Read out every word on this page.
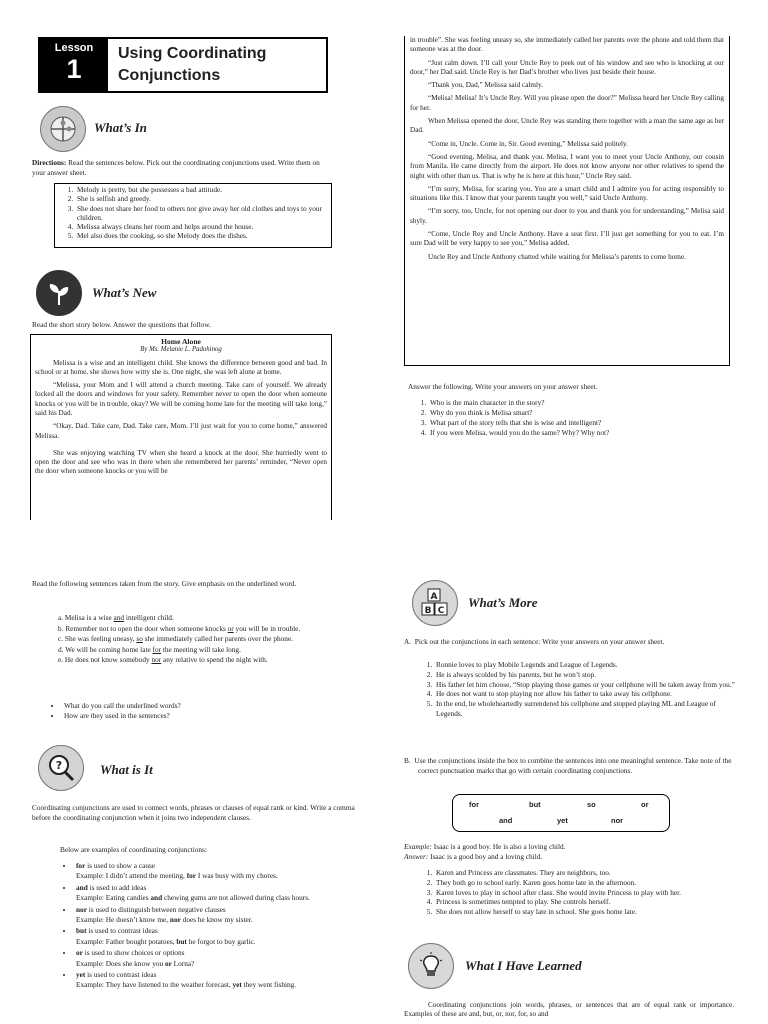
Lesson
1
Using Coordinating
Conjunctions
What’s In

Directions: Read the sentences below. Pick out the coordinating conjunctions used. Write them on your answer sheet.

1. Melody is pretty, but she possesses a bad attitude.
2. She is selfish and greedy.
3. She does not share her food to others nor give away her old clothes and toys to your children.
4. Melissa always cleans her room and helps around the house.
5. Mel also does the cooking, so she Melody does the dishes.
What’s New

Read the short story below. Answer the questions that follow.

Home Alone
By Ms. Melanie L. Padohinog

Melissa is a wise and an intelligent child. She knows the difference between good and bad. In school or at home, she shows how witty she is. One night, she was left alone at home.

“Melissa, your Mom and I will attend a church meeting. Take care of yourself. We already locked all the doors and windows for your safety. Remember never to open the door when someone knocks or you will be in trouble, okay? We will be coming home late for the meeting will take long,” said his Dad.

“Okay, Dad. Take care, Dad. Take care, Mom. I’ll just wait for you to come home,” answered Melissa.

She was enjoying watching TV when she heard a knock at the door. She hurriedly went to open the door and see who was in there when she remembered her parents’ reminder, “Never open the door when someone knocks or you will be

in trouble”. She was feeling uneasy so, she immediately called her parents over the phone and told them that someone was at the door.

“Just calm down. I’ll call your Uncle Rey to peek out of his window and see who is knocking at our door,” her Dad said. Uncle Rey is her Dad’s brother who lives just beside their house.

“Thank you, Dad,” Melissa said calmly.

“Melisa! Melisa! It’s Uncle Rey. Will you please open the door?” Melissa heard her Uncle Rey calling for her.

When Melissa opened the door, Uncle Rey was standing there together with a man the same age as her Dad.

“Come in, Uncle. Come in, Sir. Good evening,” Melissa said politely.

“Good evening, Melisa, and thank you. Melisa, I want you to meet your Uncle Anthony, our cousin from Manila. He came directly from the airport. He does not know anyone nor other relatives to spend the night with other than us. That is why he is here at this hour,” Uncle Rey said.

“I’m sorry, Melisa, for scaring you. You are a smart child and I admire you for acting responsibly to situations like this. I know that your parents taught you well,” said Uncle Anthony.

“I’m sorry, too, Uncle, for not opening our door to you and thank you for understanding,” Melisa said shyly.

“Come, Uncle Rey and Uncle Anthony. Have a seat first. I’ll just get something for you to eat. I’m sure Dad will be very happy to see you,” Melisa added.

Uncle Rey and Uncle Anthony chatted while waiting for Melissa’s parents to come home.

Answer the following. Write your answers on your answer sheet.

1. Who is the main character in the story?
2. Why do you think is Melisa smart?
3. What part of the story tells that she is wise and intelligent?
4. If you were Melisa, would you do the same? Why? Why not?

Read the following sentences taken from the story. Give emphasis on the underlined word.

a. Melisa is a wise and intelligent child.
b. Remember not to open the door when someone knocks or you will be in trouble.
c. She was feeling uneasy, so she immediately called her parents over the phone.
d. We will be coming home late for the meeting will take long.
e. He does not know somebody nor any relative to spend the night with.
• What do you call the underlined words?
• How are they used in the sentences?
?	What is It

Coordinating conjunctions are used to connect words, phrases or clauses of equal rank or kind. Write a comma before the coordinating conjunction when it joins two independent clauses.

Below are examples of coordinating conjunctions:

• for is used to show a cause
Example: I didn’t attend the meeting, for I was busy with my chores.
• and is used to add ideas
Example: Eating candies and chewing gums are not allowed during class hours.
• nor is used to distinguish between negative clauses
Example: He doesn’t know me, nor does he know my sister.
• but is used to contrast ideas
Example: Father bought potatoes, but he forgot to buy garlic.
• or is used to show choices or options
Example: Does she know you or Lorna?
• yet is used to contrast ideas
Example: They have listened to the weather forecast, yet they went fishing.
A
B C
What’s More

A. Pick out the conjunctions in each sentence: Write your answers on your answer sheet.

1. Ronnie loves to play Mobile Legends and League of Legends.
2. He is always scolded by his parents, but he won’t stop.
3. His father let him choose, “Stop playing those games or your cellphone will be taken away from you.”
4. He does not want to stop playing nor allow his father to take away his cellphone.
5. In the end, he wholeheartedly surrendered his cellphone and stopped playing ML and League of Legends.

B. Use the conjunctions inside the box to combine the sentences into one meaningful sentence. Take note of the correct punctuation marks that go with certain coordinating conjunctions.

for	but	so	or
and	yet	nor

Example: Isaac is a good boy. He is also a loving child.

Answer: Isaac is a good boy and a loving child.

1. Karen and Princess are classmates. They are neighbors, too.
2. They both go to school early. Karen goes home late in the afternoon.
3. Karen loves to play in school after class. She would invite Princess to play with her.
4. Princess is sometimes tempted to play. She controls herself.
5. She does not allow herself to stay late in school. She goes home late.
What I Have Learned

Coordinating conjunctions join words, phrases, or sentences that are of equal rank or importance. Examples of these are and, but, or, nor, for, so and
